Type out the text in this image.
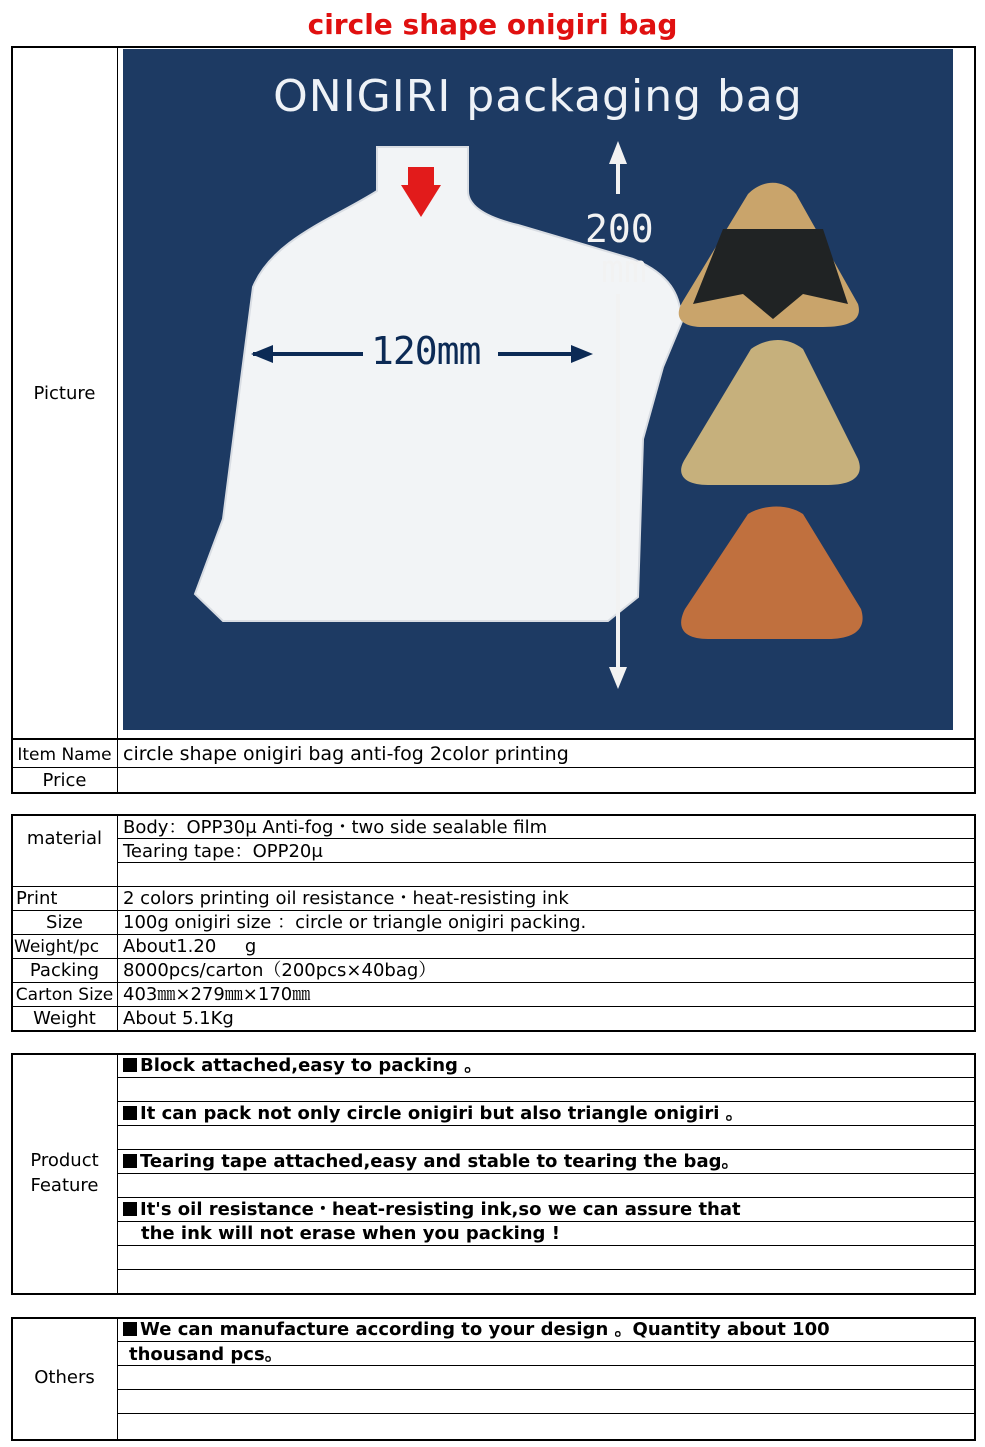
circle shape onigiri bag
Picture
ONIGIRI packaging bag
120mm
200
mm
Item Name circle shape onigiri bag anti-fog 2color printing
Price
material
Body：OPP30μ Anti-fog・two side sealable film
Tearing tape：OPP20μ
Print	2 colors printing oil resistance・heat-resisting ink
Size	100g onigiri size ：circle or triangle onigiri packing.
Weight/pc	About1.20     g
Packing	8000pcs/carton（200pcs×40bag）
Carton Size 403㎜×279㎜×170㎜
Weight	About 5.1Kg
Product
Feature
Block attached,easy to packing 。
It can pack not only circle onigiri but also triangle onigiri 。
Tearing tape attached,easy and stable to tearing the bag。
It's oil resistance・heat-resisting ink,so we can assure that
the ink will not erase when you packing !
Others
We can manufacture according to your design 。Quantity about 100
thousand pcs。
